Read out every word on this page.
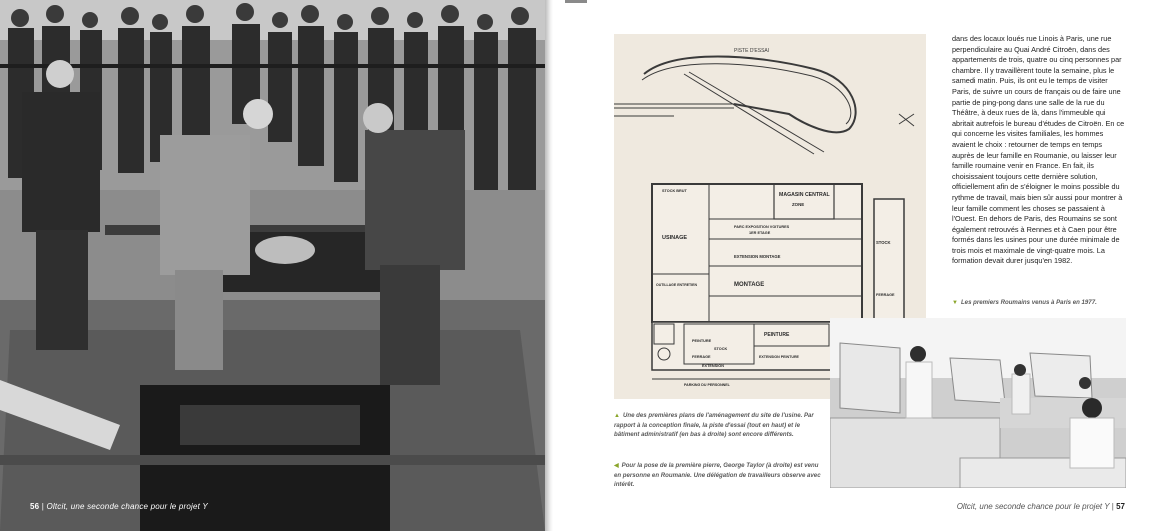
56 | Oltcit, une seconde chance pour le projet Y
PISTE D'ESSAI
MAGASIN CENTRAL
ZONE
STOCK BRUT
USINAGE
PARC EXPOSITION VOITURES
1ER ETAGE
EXTENSION MONTAGE
MONTAGE
OUTILLAGE ENTRETIEN
STOCK
FERRAGE
PEINTURE
PEINTURE
STOCK
FERRAGE
EXTENSION
EXTENSION PEINTURE
PARKING DU PERSONNEL
dans des locaux loués rue Linois à Paris, une rue perpendiculaire au Quai André Citroën, dans des appartements de trois, quatre ou cinq personnes par chambre. Il y travaillèrent toute la semaine, plus le samedi matin. Puis, ils ont eu le temps de visiter Paris, de suivre un cours de français ou de faire une partie de ping-pong dans une salle de la rue du Théâtre, à deux rues de là, dans l'immeuble qui abritait autrefois le bureau d'études de Citroën. En ce qui concerne les visites familiales, les hommes avaient le choix : retourner de temps en temps auprès de leur famille en Roumanie, ou laisser leur famille roumaine venir en France. En fait, ils choisissaient toujours cette dernière solution, officiellement afin de s'éloigner le moins possible du rythme de travail, mais bien sûr aussi pour montrer à leur famille comment les choses se passaient à l'Ouest. En dehors de Paris, des Roumains se sont également retrouvés à Rennes et à Caen pour être formés dans les usines pour une durée minimale de trois mois et maximale de vingt-quatre mois. La formation devait durer jusqu'en 1982.
▼ Les premiers Roumains venus à Paris en 1977.
▲ Une des premières plans de l'aménagement du site de l'usine. Par rapport à la conception finale, la piste d'essai (tout en haut) et le bâtiment administratif (en bas à droite) sont encore différents.
◀ Pour la pose de la première pierre, George Taylor (à droite) est venu en personne en Roumanie. Une délégation de travailleurs observe avec intérêt.
Oltcit, une seconde chance pour le projet Y | 57
